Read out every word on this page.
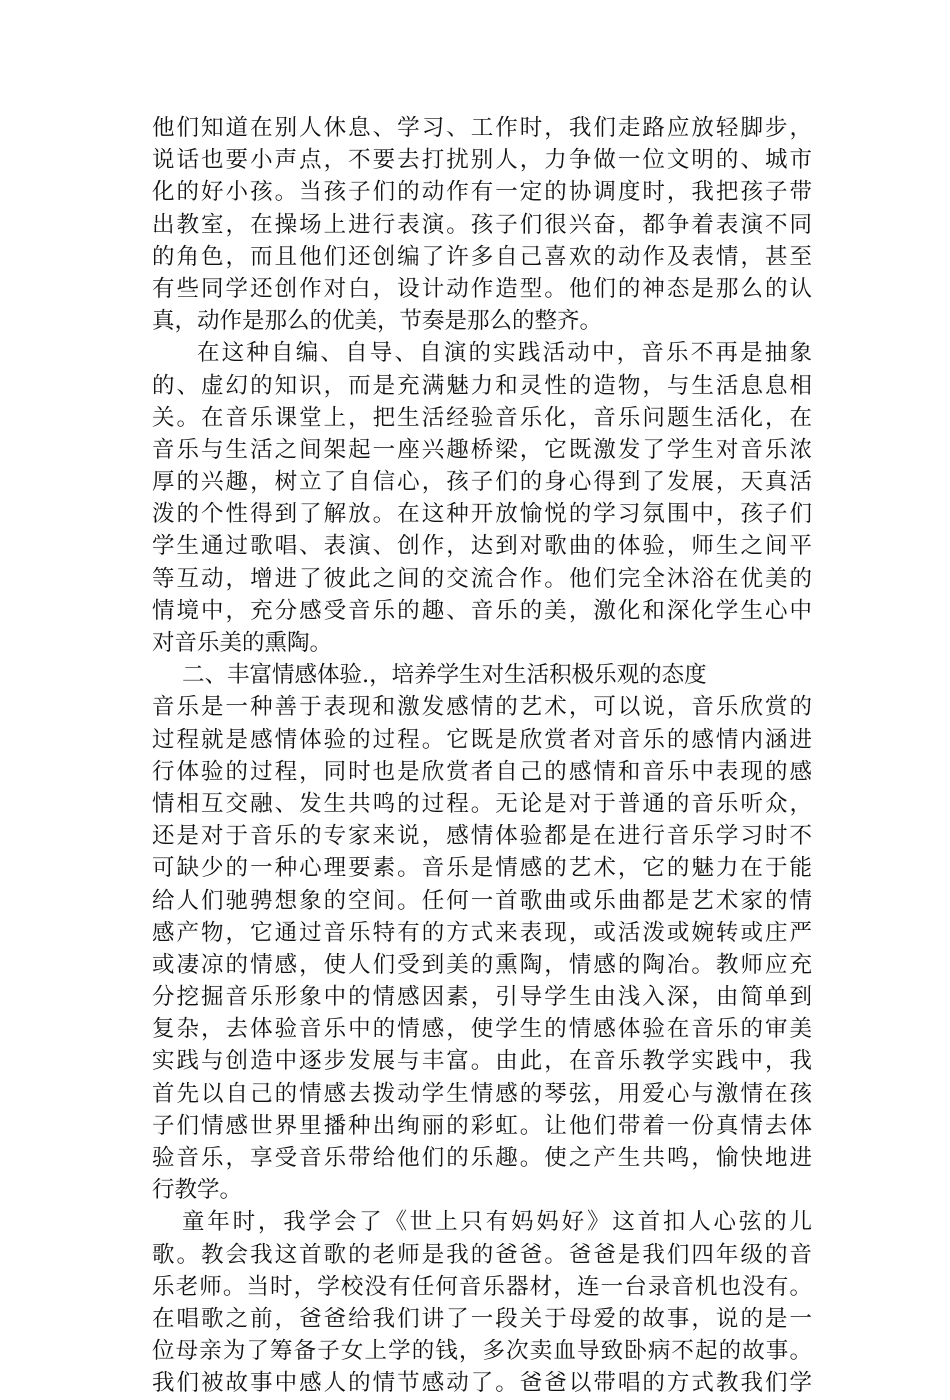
他们知道在别人休息、学习、工作时，我们走路应放轻脚步，
说话也要小声点，不要去打扰别人，力争做一位文明的、城市
化的好小孩。当孩子们的动作有一定的协调度时，我把孩子带
出教室，在操场上进行表演。孩子们很兴奋，都争着表演不同
的角色，而且他们还创编了许多自己喜欢的动作及表情，甚至
有些同学还创作对白，设计动作造型。他们的神态是那么的认
真，动作是那么的优美，节奏是那么的整齐。
在这种自编、自导、自演的实践活动中，音乐不再是抽象
的、虚幻的知识，而是充满魅力和灵性的造物，与生活息息相
关。在音乐课堂上，把生活经验音乐化，音乐问题生活化，在
音乐与生活之间架起一座兴趣桥梁，它既激发了学生对音乐浓
厚的兴趣，树立了自信心，孩子们的身心得到了发展，天真活
泼的个性得到了解放。在这种开放愉悦的学习氛围中，孩子们
学生通过歌唱、表演、创作，达到对歌曲的体验，师生之间平
等互动，增进了彼此之间的交流合作。他们完全沐浴在优美的
情境中，充分感受音乐的趣、音乐的美，激化和深化学生心中
对音乐美的熏陶。
二、丰富情感体验.，培养学生对生活积极乐观的态度
音乐是一种善于表现和激发感情的艺术，可以说，音乐欣赏的
过程就是感情体验的过程。它既是欣赏者对音乐的感情内涵进
行体验的过程，同时也是欣赏者自己的感情和音乐中表现的感
情相互交融、发生共鸣的过程。无论是对于普通的音乐听众，
还是对于音乐的专家来说，感情体验都是在进行音乐学习时不
可缺少的一种心理要素。音乐是情感的艺术，它的魅力在于能
给人们驰骋想象的空间。任何一首歌曲或乐曲都是艺术家的情
感产物，它通过音乐特有的方式来表现，或活泼或婉转或庄严
或凄凉的情感，使人们受到美的熏陶，情感的陶冶。教师应充
分挖掘音乐形象中的情感因素，引导学生由浅入深，由简单到
复杂，去体验音乐中的情感，使学生的情感体验在音乐的审美
实践与创造中逐步发展与丰富。由此，在音乐教学实践中，我
首先以自己的情感去拨动学生情感的琴弦，用爱心与激情在孩
子们情感世界里播种出绚丽的彩虹。让他们带着一份真情去体
验音乐，享受音乐带给他们的乐趣。使之产生共鸣，愉快地进
行教学。
童年时，我学会了《世上只有妈妈好》这首扣人心弦的儿
歌。教会我这首歌的老师是我的爸爸。爸爸是我们四年级的音
乐老师。当时，学校没有任何音乐器材，连一台录音机也没有。
在唱歌之前，爸爸给我们讲了一段关于母爱的故事，说的是一
位母亲为了筹备子女上学的钱，多次卖血导致卧病不起的故事。
我们被故事中感人的情节感动了。爸爸以带唱的方式教我们学
